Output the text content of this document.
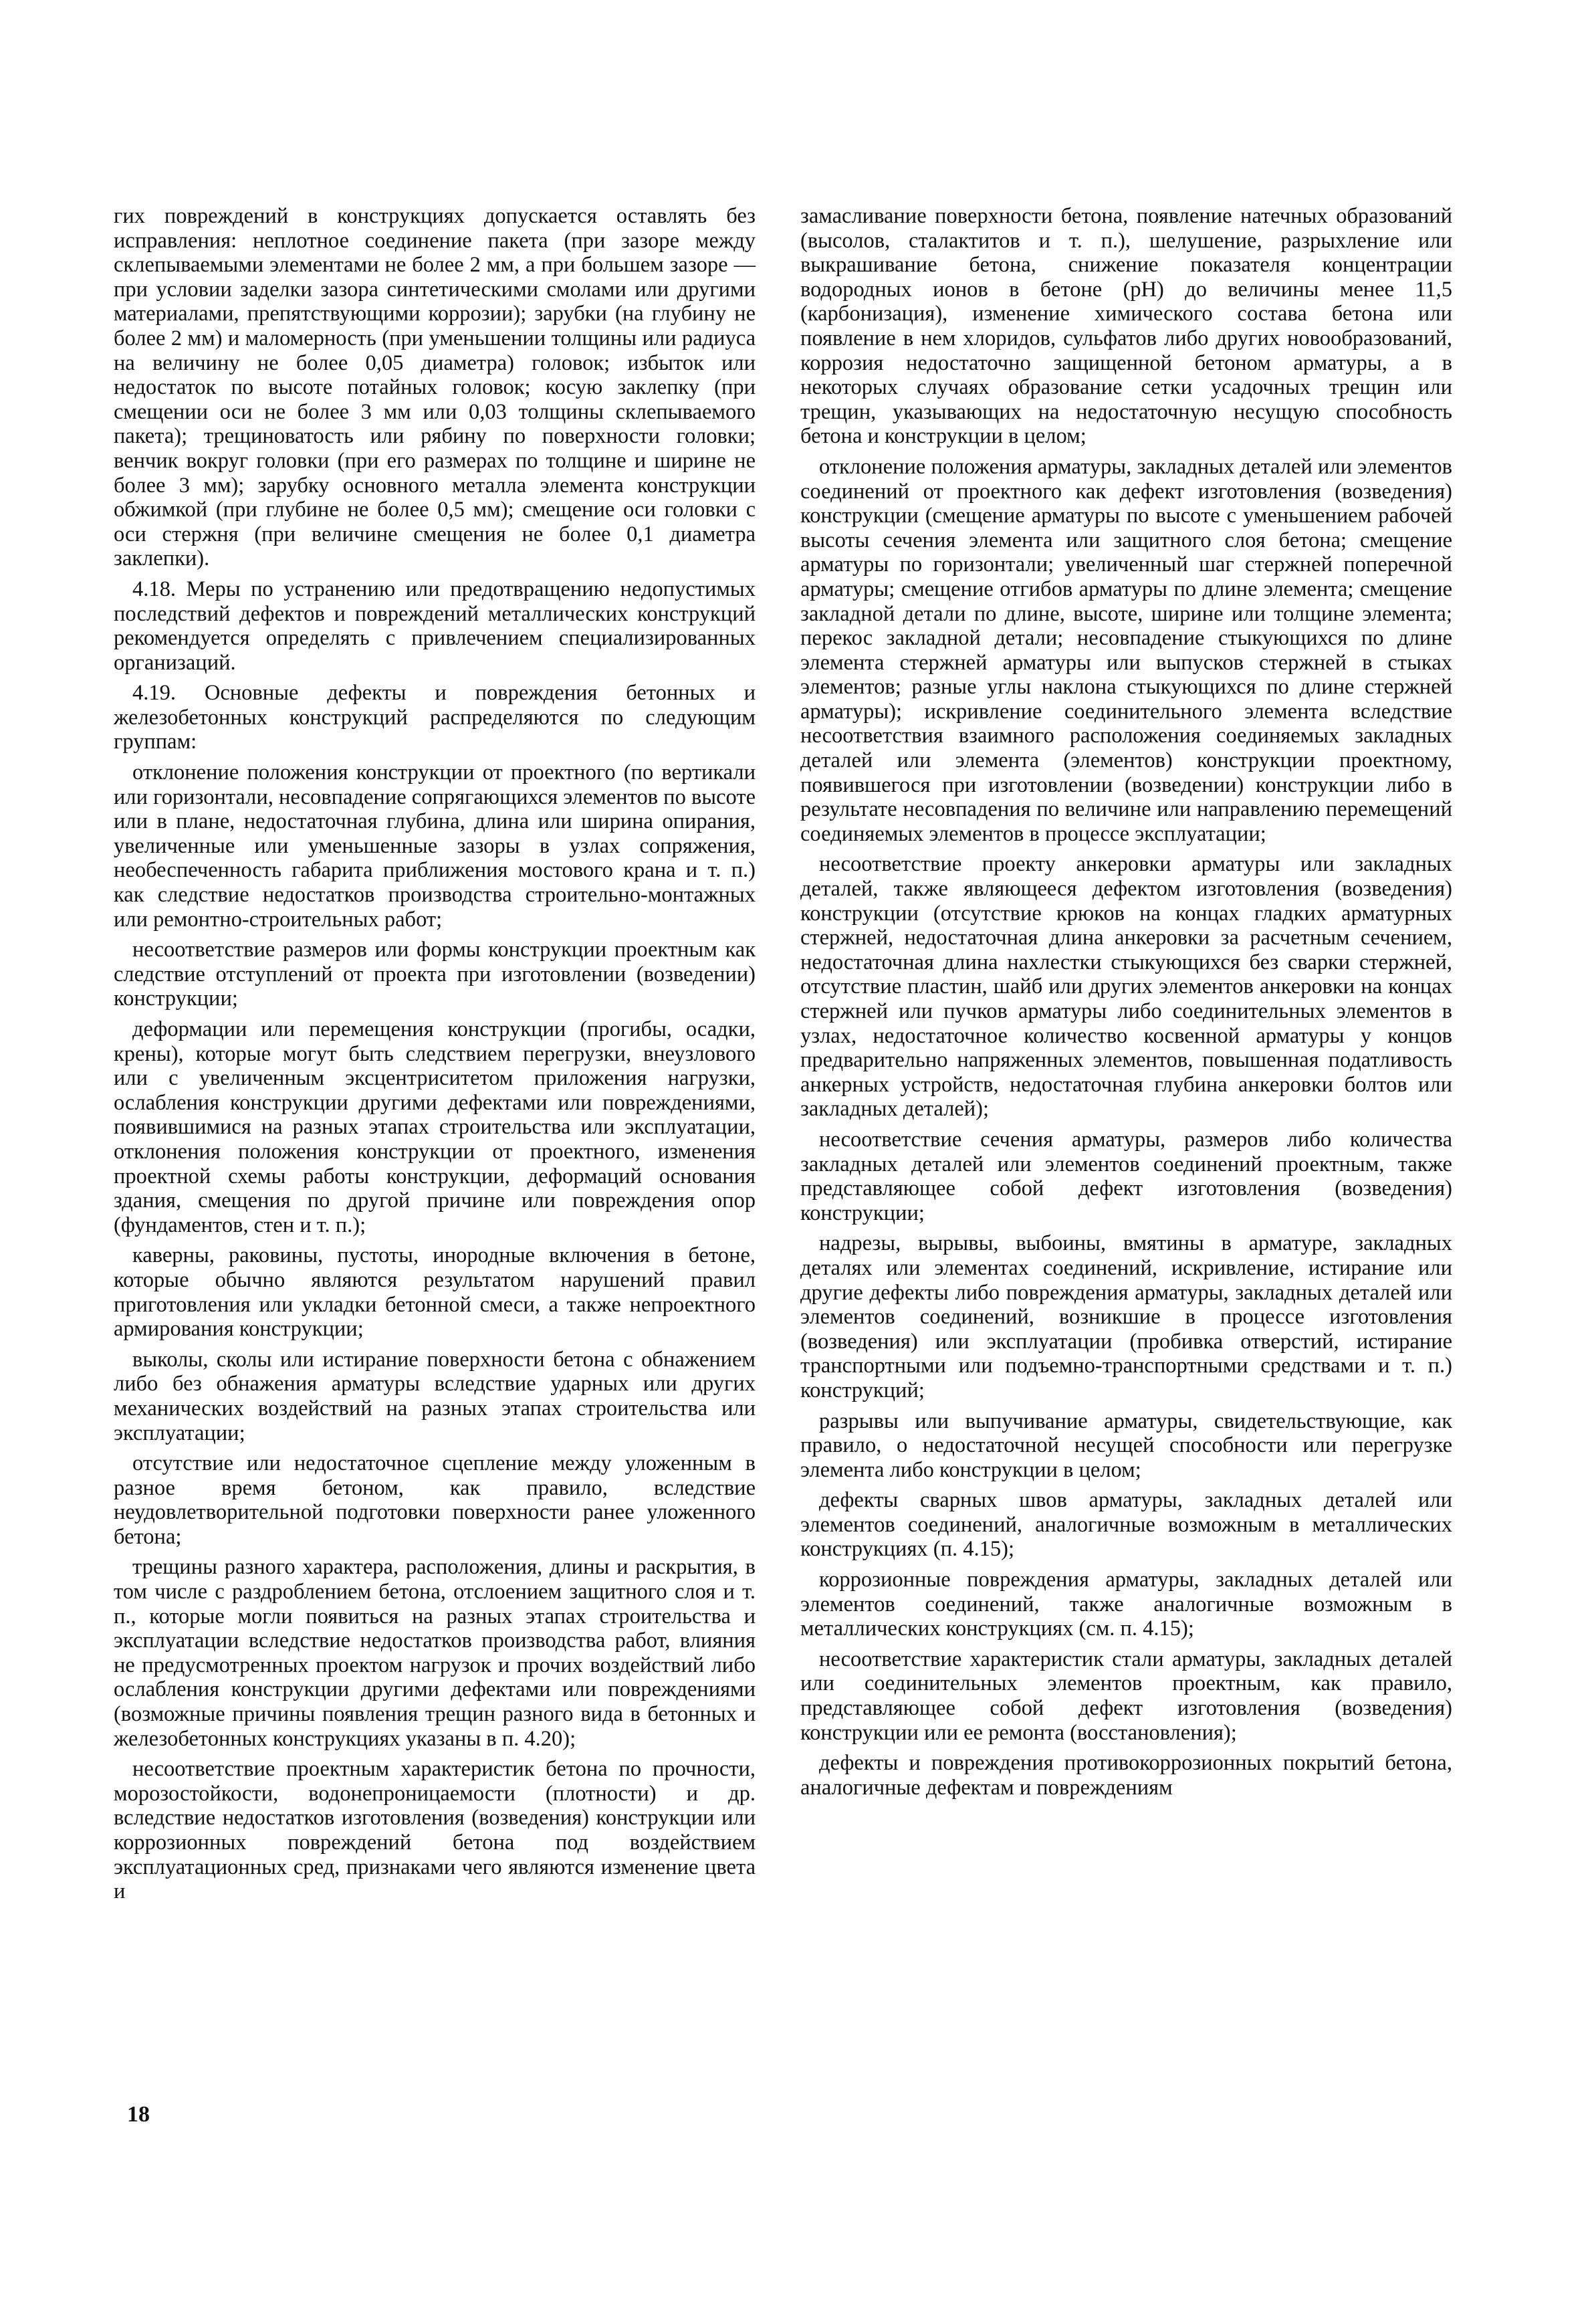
гих повреждений в конструкциях допускается оставлять без исправления: неплотное соединение пакета (при зазоре между склепываемыми элементами не более 2 мм, а при большем зазоре — при условии заделки зазора синтетическими смолами или другими материалами, препятствующими коррозии); зарубки (на глубину не более 2 мм) и маломерность (при уменьшении толщины или радиуса на величину не более 0,05 диаметра) головок; избыток или недостаток по высоте потайных головок; косую заклепку (при смещении оси не более 3 мм или 0,03 толщины склепываемого пакета); трещиноватость или рябину по поверхности головки; венчик вокруг головки (при его размерах по толщине и ширине не более 3 мм); зарубку основного металла элемента конструкции обжимкой (при глубине не более 0,5 мм); смещение оси головки с оси стержня (при величине смещения не более 0,1 диаметра заклепки).

4.18. Меры по устранению или предотвращению недопустимых последствий дефектов и повреждений металлических конструкций рекомендуется определять с привлечением специализированных организаций.

4.19. Основные дефекты и повреждения бетонных и железобетонных конструкций распределяются по следующим группам:

отклонение положения конструкции от проектного (по вертикали или горизонтали, несовпадение сопрягающихся элементов по высоте или в плане, недостаточная глубина, длина или ширина опирания, увеличенные или уменьшенные зазоры в узлах сопряжения, необеспеченность габарита приближения мостового крана и т. п.) как следствие недостатков производства строительно-монтажных или ремонтно-строительных работ;

несоответствие размеров или формы конструкции проектным как следствие отступлений от проекта при изготовлении (возведении) конструкции;

деформации или перемещения конструкции (прогибы, осадки, крены), которые могут быть следствием перегрузки, внеузлового или с увеличенным эксцентриситетом приложения нагрузки, ослабления конструкции другими дефектами или повреждениями, появившимися на разных этапах строительства или эксплуатации, отклонения положения конструкции от проектного, изменения проектной схемы работы конструкции, деформаций основания здания, смещения по другой причине или повреждения опор (фундаментов, стен и т. п.);

каверны, раковины, пустоты, инородные включения в бетоне, которые обычно являются результатом нарушений правил приготовления или укладки бетонной смеси, а также непроектного армирования конструкции;

выколы, сколы или истирание поверхности бетона с обнажением либо без обнажения арматуры вследствие ударных или других механических воздействий на разных этапах строительства или эксплуатации;

отсутствие или недостаточное сцепление между уложенным в разное время бетоном, как правило, вследствие неудовлетворительной подготовки поверхности ранее уложенного бетона;

трещины разного характера, расположения, длины и раскрытия, в том числе с раздроблением бетона, отслоением защитного слоя и т. п., которые могли появиться на разных этапах строительства и эксплуатации вследствие недостатков производства работ, влияния не предусмотренных проектом нагрузок и прочих воздействий либо ослабления конструкции другими дефектами или повреждениями (возможные причины появления трещин разного вида в бетонных и железобетонных конструкциях указаны в п. 4.20);

несоответствие проектным характеристик бетона по прочности, морозостойкости, водонепроницаемости (плотности) и др. вследствие недостатков изготовления (возведения) конструкции или коррозионных повреждений бетона под воздействием эксплуатационных сред, признаками чего являются изменение цвета и

замасливание поверхности бетона, появление натечных образований (высолов, сталактитов и т. п.), шелушение, разрыхление или выкрашивание бетона, снижение показателя концентрации водородных ионов в бетоне (pH) до величины менее 11,5 (карбонизация), изменение химического состава бетона или появление в нем хлоридов, сульфатов либо других новообразований, коррозия недостаточно защищенной бетоном арматуры, а в некоторых случаях образование сетки усадочных трещин или трещин, указывающих на недостаточную несущую способность бетона и конструкции в целом;

отклонение положения арматуры, закладных деталей или элементов соединений от проектного как дефект изготовления (возведения) конструкции (смещение арматуры по высоте с уменьшением рабочей высоты сечения элемента или защитного слоя бетона; смещение арматуры по горизонтали; увеличенный шаг стержней поперечной арматуры; смещение отгибов арматуры по длине элемента; смещение закладной детали по длине, высоте, ширине или толщине элемента; перекос закладной детали; несовпадение стыкующихся по длине элемента стержней арматуры или выпусков стержней в стыках элементов; разные углы наклона стыкующихся по длине стержней арматуры); искривление соединительного элемента вследствие несоответствия взаимного расположения соединяемых закладных деталей или элемента (элементов) конструкции проектному, появившегося при изготовлении (возведении) конструкции либо в результате несовпадения по величине или направлению перемещений соединяемых элементов в процессе эксплуатации;

несоответствие проекту анкеровки арматуры или закладных деталей, также являющееся дефектом изготовления (возведения) конструкции (отсутствие крюков на концах гладких арматурных стержней, недостаточная длина анкеровки за расчетным сечением, недостаточная длина нахлестки стыкующихся без сварки стержней, отсутствие пластин, шайб или других элементов анкеровки на концах стержней или пучков арматуры либо соединительных элементов в узлах, недостаточное количество косвенной арматуры у концов предварительно напряженных элементов, повышенная податливость анкерных устройств, недостаточная глубина анкеровки болтов или закладных деталей);

несоответствие сечения арматуры, размеров либо количества закладных деталей или элементов соединений проектным, также представляющее собой дефект изготовления (возведения) конструкции;

надрезы, вырывы, выбоины, вмятины в арматуре, закладных деталях или элементах соединений, искривление, истирание или другие дефекты либо повреждения арматуры, закладных деталей или элементов соединений, возникшие в процессе изготовления (возведения) или эксплуатации (пробивка отверстий, истирание транспортными или подъемно-транспортными средствами и т. п.) конструкций;

разрывы или выпучивание арматуры, свидетельствующие, как правило, о недостаточной несущей способности или перегрузке элемента либо конструкции в целом;

дефекты сварных швов арматуры, закладных деталей или элементов соединений, аналогичные возможным в металлических конструкциях (п. 4.15);

коррозионные повреждения арматуры, закладных деталей или элементов соединений, также аналогичные возможным в металлических конструкциях (см. п. 4.15);

несоответствие характеристик стали арматуры, закладных деталей или соединительных элементов проектным, как правило, представляющее собой дефект изготовления (возведения) конструкции или ее ремонта (восстановления);

дефекты и повреждения противокоррозионных покрытий бетона, аналогичные дефектам и повреждениям

18
